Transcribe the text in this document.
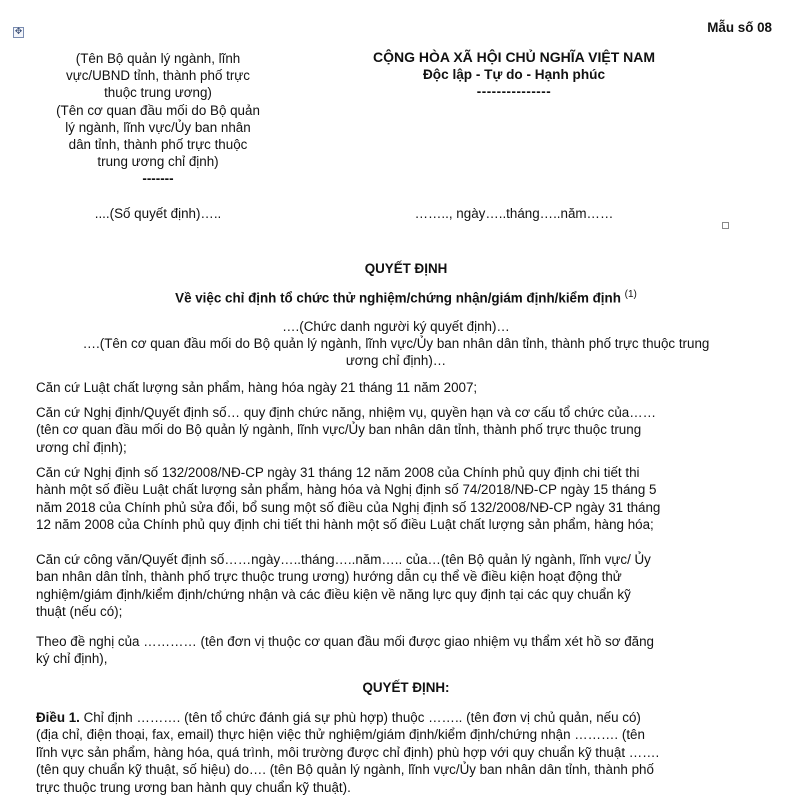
✥	Mẫu số 08
(Tên Bộ quản lý ngành, lĩnh
vực/UBND tỉnh, thành phố trực
thuộc trung ương)
(Tên cơ quan đầu mối do Bộ quản
lý ngành, lĩnh vực/Ủy ban nhân
dân tỉnh, thành phố trực thuộc
trung ương chỉ định)
-------
CỘNG HÒA XÃ HỘI CHỦ NGHĨA VIỆT NAM
Độc lập - Tự do - Hạnh phúc
---------------
....(Số quyết định)…..	…….., ngày…..tháng…..năm……
QUYẾT ĐỊNH
Về việc chỉ định tổ chức thử nghiệm/chứng nhận/giám định/kiểm định $^{(1)}$
….(Chức danh người ký quyết định)…
….(Tên cơ quan đầu mối do Bộ quản lý ngành, lĩnh vực/Ủy ban nhân dân tỉnh, thành phố trực thuộc trung
ương chỉ định)…
Căn cứ Luật chất lượng sản phẩm, hàng hóa ngày 21 tháng 11 năm 2007;
Căn cứ Nghị định/Quyết định số… quy định chức năng, nhiệm vụ, quyền hạn và cơ cấu tổ chức của……
(tên cơ quan đầu mối do Bộ quản lý ngành, lĩnh vực/Ủy ban nhân dân tỉnh, thành phố trực thuộc trung
ương chỉ định);
Căn cứ Nghị định số 132/2008/NĐ-CP ngày 31 tháng 12 năm 2008 của Chính phủ quy định chi tiết thi
hành một số điều Luật chất lượng sản phẩm, hàng hóa và Nghị định số 74/2018/NĐ-CP ngày 15 tháng 5
năm 2018 của Chính phủ sửa đổi, bổ sung một số điều của Nghị định số 132/2008/NĐ-CP ngày 31 tháng
12 năm 2008 của Chính phủ quy định chi tiết thi hành một số điều Luật chất lượng sản phẩm, hàng hóa;
Căn cứ công văn/Quyết định số……ngày…..tháng…..năm….. của…(tên Bộ quản lý ngành, lĩnh vực/ Ủy
ban nhân dân tỉnh, thành phố trực thuộc trung ương) hướng dẫn cụ thể về điều kiện hoạt động thử
nghiệm/giám định/kiểm định/chứng nhận và các điều kiện về năng lực quy định tại các quy chuẩn kỹ
thuật (nếu có);
Theo đề nghị của ………… (tên đơn vị thuộc cơ quan đầu mối được giao nhiệm vụ thẩm xét hồ sơ đăng
ký chỉ định),
QUYẾT ĐỊNH:
Điều 1. Chỉ định ………. (tên tổ chức đánh giá sự phù hợp) thuộc …….. (tên đơn vị chủ quản, nếu có)
(địa chỉ, điện thoại, fax, email) thực hiện việc thử nghiệm/giám định/kiểm định/chứng nhận ………. (tên
lĩnh vực sản phẩm, hàng hóa, quá trình, môi trường được chỉ định) phù hợp với quy chuẩn kỹ thuật …….
(tên quy chuẩn kỹ thuật, số hiệu) do…. (tên Bộ quản lý ngành, lĩnh vực/Ủy ban nhân dân tỉnh, thành phố
trực thuộc trung ương ban hành quy chuẩn kỹ thuật).
